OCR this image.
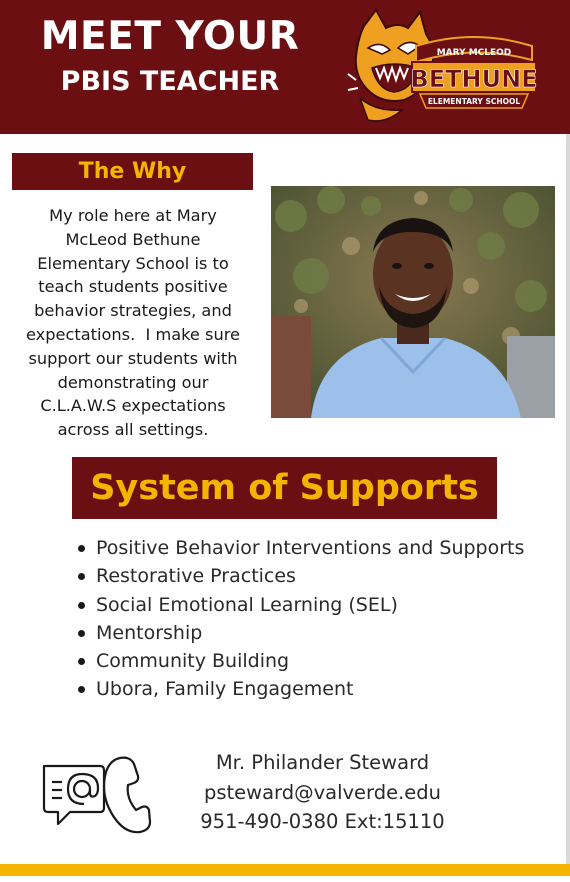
MEET YOUR
PBIS TEACHER
MARY MCLEOD
BETHUNE
ELEMENTARY SCHOOL
The Why
My role here at Mary
McLeod Bethune
Elementary School is to
teach students positive
behavior strategies, and
expectations.  I make sure
support our students with
demonstrating our
C.L.A.W.S expectations
across all settings.
System of Supports
Positive Behavior Interventions and Supports
Restorative Practices
Social Emotional Learning (SEL)
Mentorship
Community Building
Ubora, Family Engagement
Mr. Philander Steward
psteward@valverde.edu
951-490-0380 Ext:15110
